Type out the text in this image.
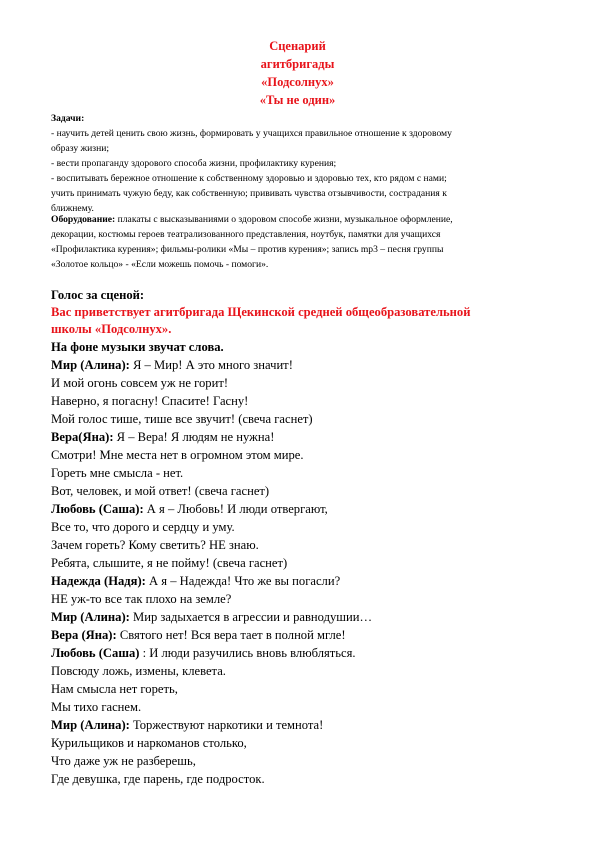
Сценарий
агитбригады
«Подсолнух»
«Ты не один»
Задачи:
- научить детей ценить свою жизнь, формировать у учащихся правильное отношение к здоровому
образу жизни;
- вести пропаганду здорового способа жизни, профилактику курения;
- воспитывать бережное отношение к собственному здоровью и здоровью тех, кто рядом с нами;
учить принимать чужую беду, как собственную; прививать чувства отзывчивости, сострадания к
ближнему.
Оборудование: плакаты с высказываниями о здоровом способе жизни, музыкальное оформление,
декорации, костюмы героев театрализованного представления, ноутбук, памятки для учащихся
«Профилактика курения»; фильмы-ролики «Мы – против курения»; запись mp3 – песня группы
«Золотое кольцо» - «Если можешь помочь - помоги».
Голос за сценой:
Вас приветствует агитбригада Щекинской средней общеобразовательной
школы «Подсолнух».
На фоне музыки звучат слова.
Мир (Алина): Я – Мир! А это много значит!
И мой огонь совсем уж не горит!
Наверно, я погасну! Спасите! Гасну!
Мой голос тише, тише все звучит! (свеча гаснет)
Вера(Яна): Я – Вера! Я людям не нужна!
Смотри! Мне места нет в огромном этом мире.
Гореть мне смысла - нет.
Вот, человек, и мой ответ! (свеча гаснет)
Любовь (Саша): А я – Любовь! И люди отвергают,
Все то, что дорого и сердцу и уму.
Зачем гореть? Кому светить? НЕ знаю.
Ребята, слышите, я не пойму! (свеча гаснет)
Надежда (Надя): А я – Надежда! Что же вы погасли?
НЕ уж-то все так плохо на земле?
Мир (Алина): Мир задыхается в агрессии и равнодушии…
Вера (Яна): Святого нет! Вся вера тает в полной мгле!
Любовь (Саша) : И люди разучились вновь влюбляться.
Повсюду ложь, измены, клевета.
Нам смысла нет гореть,
Мы тихо гаснем.
Мир (Алина): Торжествуют наркотики и темнота!
Курильщиков и наркоманов столько,
Что даже уж не разберешь,
Где девушка, где парень, где подросток.
